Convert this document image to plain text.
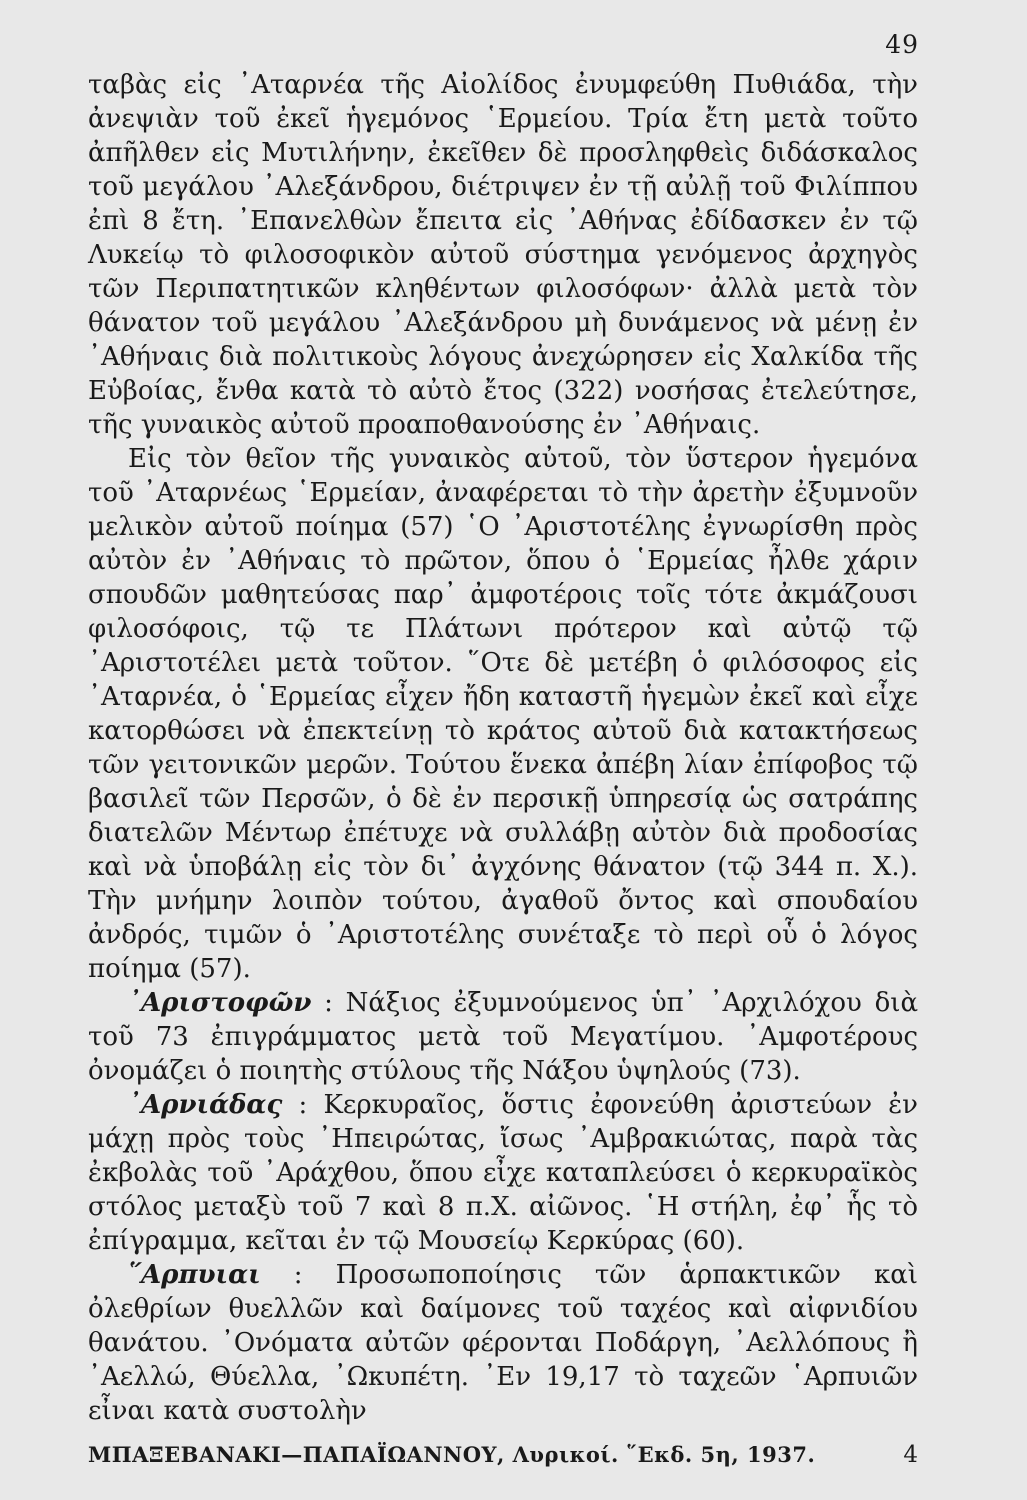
49

ταβὰς εἰς ᾿Αταρνέα τῆς Αἰολίδος ἐνυμφεύθη Πυθιάδα, τὴν ἀνεψιὰν τοῦ ἐκεῖ ἡγεμόνος ῾Ερμείου. Τρία ἔτη μετὰ τοῦτο ἀπῆλθεν εἰς Μυτιλήνην, ἐκεῖθεν δὲ προσληφθεὶς διδάσκαλος τοῦ μεγάλου ᾿Αλεξάνδρου, διέτριψεν ἐν τῇ αὐλῇ τοῦ Φιλίππου ἐπὶ 8 ἔτη. ᾿Επανελθὼν ἔπειτα εἰς ᾿Αθήνας ἐδίδασκεν ἐν τῷ Λυκείῳ τὸ φιλοσοφικὸν αὐτοῦ σύστημα γενόμενος ἀρχηγὸς τῶν Περιπατητικῶν κληθέντων φιλοσόφων· ἀλλὰ μετὰ τὸν θάνατον τοῦ μεγάλου ᾿Αλεξάνδρου μὴ δυνάμενος νὰ μένῃ ἐν ᾿Αθήναις διὰ πολιτικοὺς λόγους ἀνεχώρησεν εἰς Χαλκίδα τῆς Εὐβοίας, ἔνθα κατὰ τὸ αὐτὸ ἔτος (322) νοσήσας ἐτελεύτησε, τῆς γυναικὸς αὐτοῦ προαποθανούσης ἐν ᾿Αθήναις.

Εἰς τὸν θεῖον τῆς γυναικὸς αὐτοῦ, τὸν ὕστερον ἡγεμόνα τοῦ ᾿Αταρνέως ῾Ερμείαν, ἀναφέρεται τὸ τὴν ἀρετὴν ἐξυμνοῦν μελικὸν αὐτοῦ ποίημα (57) ῾Ο ᾿Αριστοτέλης ἐγνωρίσθη πρὸς αὐτὸν ἐν ᾿Αθήναις τὸ πρῶτον, ὅπου ὁ ῾Ερμείας ἦλθε χάριν σπουδῶν μαθητεύσας παρ᾿ ἀμφοτέροις τοῖς τότε ἀκμάζουσι φιλοσόφοις, τῷ τε Πλάτωνι πρότερον καὶ αὐτῷ τῷ ᾿Αριστοτέλει μετὰ τοῦτον. ῞Οτε δὲ μετέβη ὁ φιλόσοφος εἰς ᾿Αταρνέα, ὁ ῾Ερμείας εἶχεν ἤδη καταστῆ ἡγεμὼν ἐκεῖ καὶ εἶχε κατορθώσει νὰ ἐπεκτείνῃ τὸ κράτος αὐτοῦ διὰ κατακτήσεως τῶν γειτονικῶν μερῶν. Τούτου ἕνεκα ἀπέβη λίαν ἐπίφοβος τῷ βασιλεῖ τῶν Περσῶν, ὁ δὲ ἐν περσικῇ ὑπηρεσίᾳ ὡς σατράπης διατελῶν Μέντωρ ἐπέτυχε νὰ συλλάβῃ αὐτὸν διὰ προδοσίας καὶ νὰ ὑποβάλῃ εἰς τὸν δι᾿ ἀγχόνης θάνατον (τῷ 344 π. Χ.). Τὴν μνήμην λοιπὸν τούτου, ἀγαθοῦ ὄντος καὶ σπουδαίου ἀνδρός, τιμῶν ὁ ᾿Αριστοτέλης συνέταξε τὸ περὶ οὗ ὁ λόγος ποίημα (57).

᾿Αριστοφῶν : Νάξιος ἐξυμνούμενος ὑπ᾿ ᾿Αρχιλόχου διὰ τοῦ 73 ἐπιγράμματος μετὰ τοῦ Μεγατίμου. ᾿Αμφοτέρους ὀνομάζει ὁ ποιητὴς στύλους τῆς Νάξου ὑψηλούς (73).

᾿Αρνιάδας : Κερκυραῖος, ὅστις ἐφονεύθη ἀριστεύων ἐν μάχῃ πρὸς τοὺς ᾿Ηπειρώτας, ἴσως ᾿Αμβρακιώτας, παρὰ τὰς ἐκβολὰς τοῦ ᾿Αράχθου, ὅπου εἶχε καταπλεύσει ὁ κερκυραϊκὸς στόλος μεταξὺ τοῦ 7 καὶ 8 π.Χ. αἰῶνος. ῾Η στήλη, ἐφ᾿ ἧς τὸ ἐπίγραμμα, κεῖται ἐν τῷ Μουσείῳ Κερκύρας (60).

῞Αρπυιαι : Προσωποποίησις τῶν ἁρπακτικῶν καὶ ὀλεθρίων θυελλῶν καὶ δαίμονες τοῦ ταχέος καὶ αἰφνιδίου θανάτου. ᾿Ονόματα αὐτῶν φέρονται Ποδάργη, ᾿Αελλόπους ἢ ᾿Αελλώ, Θύελλα, ᾿Ωκυπέτη. ᾿Εν 19,17 τὸ ταχεῶν ῾Αρπυιῶν εἶναι κατὰ συστολὴν

ΜΠΑΞΕΒΑΝΑΚΙ—ΠΑΠΑΪΩΑΝΝΟΥ, Λυρικοί. ῞Εκδ. 5η, 1937.	4
